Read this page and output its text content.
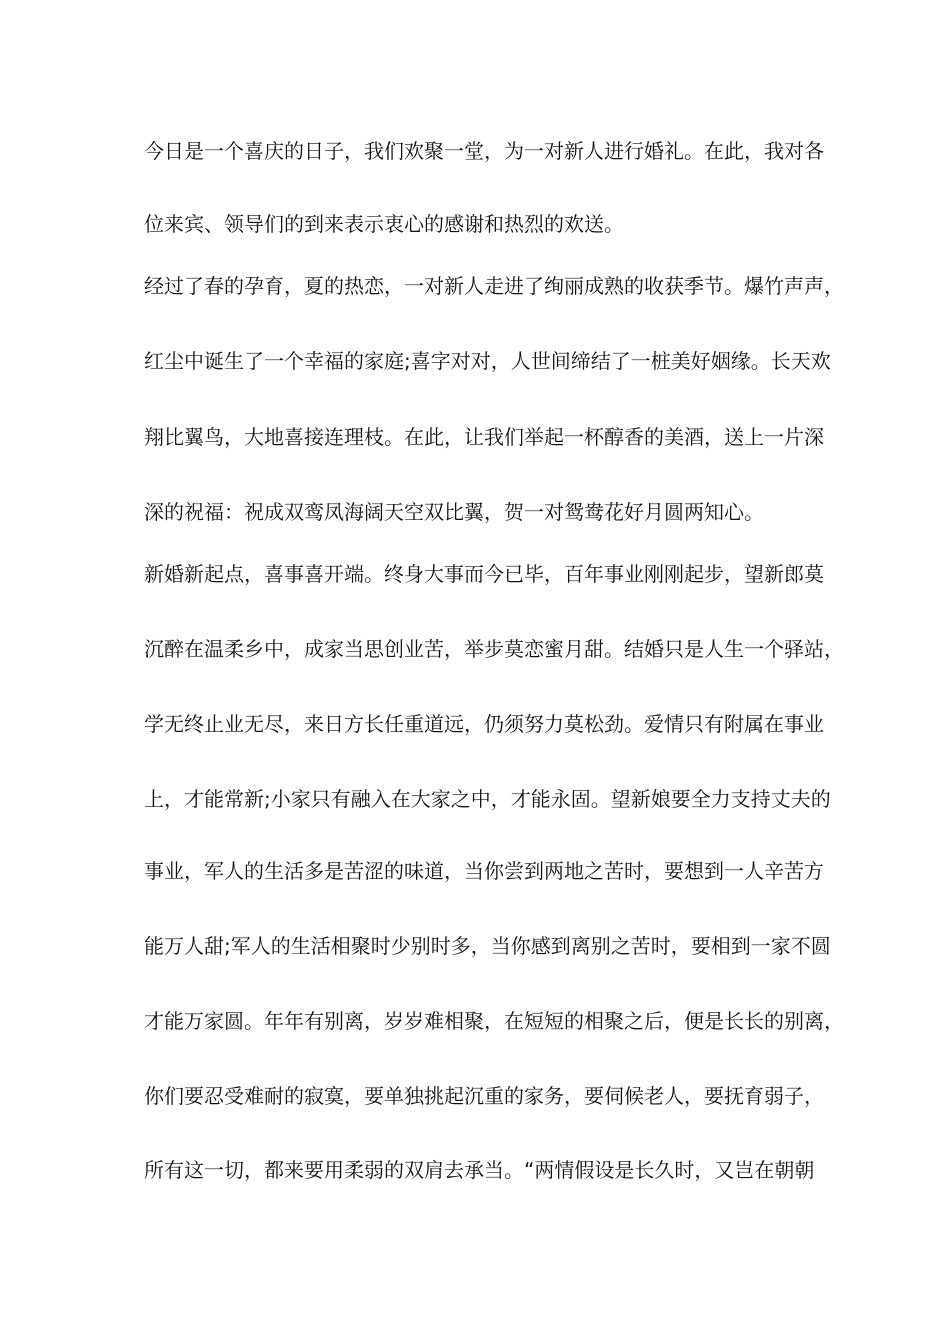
今日是一个喜庆的日子，我们欢聚一堂，为一对新人进行婚礼。在此，我对各
位来宾、领导们的到来表示衷心的感谢和热烈的欢送。
经过了春的孕育，夏的热恋，一对新人走进了绚丽成熟的收获季节。爆竹声声，
红尘中诞生了一个幸福的家庭;喜字对对，人世间缔结了一桩美好姻缘。长天欢
翔比翼鸟，大地喜接连理枝。在此，让我们举起一杯醇香的美酒，送上一片深
深的祝福：祝成双鸾凤海阔天空双比翼，贺一对鸳鸯花好月圆两知心。
新婚新起点，喜事喜开端。终身大事而今已毕，百年事业刚刚起步，望新郎莫
沉醉在温柔乡中，成家当思创业苦，举步莫恋蜜月甜。结婚只是人生一个驿站，
学无终止业无尽，来日方长任重道远，仍须努力莫松劲。爱情只有附属在事业
上，才能常新;小家只有融入在大家之中，才能永固。望新娘要全力支持丈夫的
事业，军人的生活多是苦涩的味道，当你尝到两地之苦时，要想到一人辛苦方
能万人甜;军人的生活相聚时少别时多，当你感到离别之苦时，要相到一家不圆
才能万家圆。年年有别离，岁岁难相聚，在短短的相聚之后，便是长长的别离，
你们要忍受难耐的寂寞，要单独挑起沉重的家务，要伺候老人，要抚育弱子，
所有这一切，都来要用柔弱的双肩去承当。“两情假设是长久时，又岂在朝朝
